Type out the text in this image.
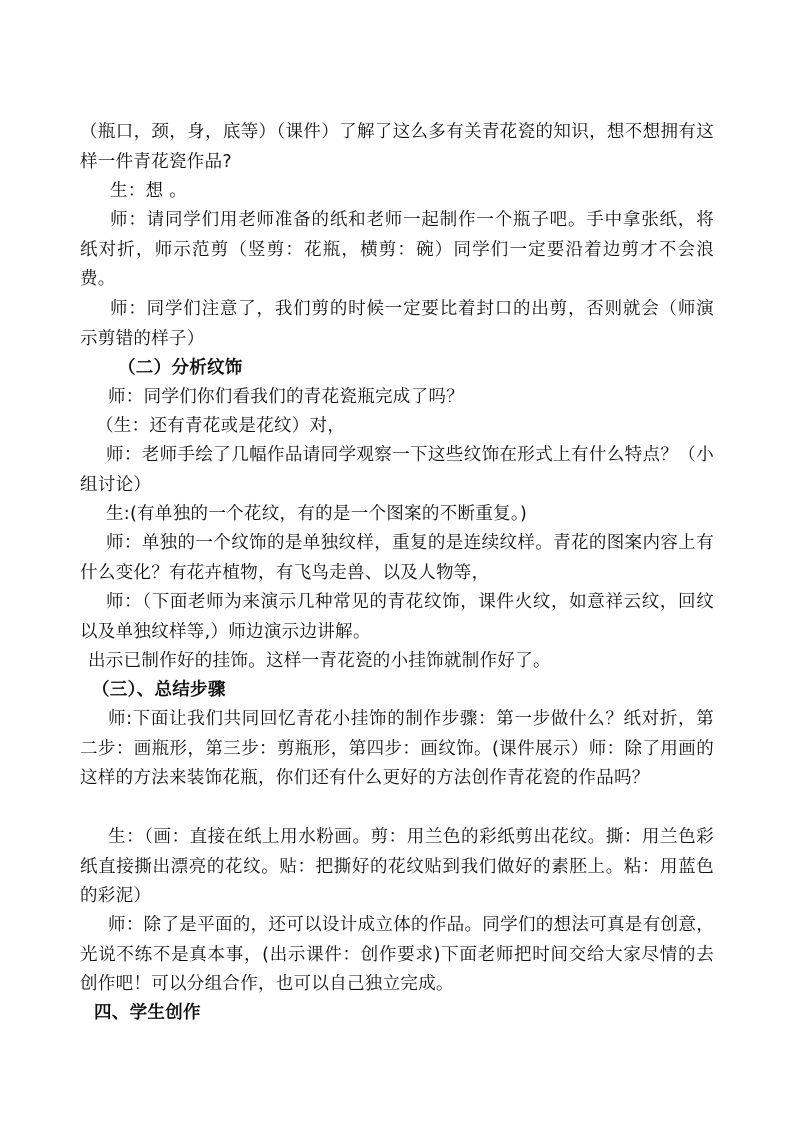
（瓶口，颈，身，底等）（课件）了解了这么多有关青花瓷的知识，想不想拥有这样一件青花瓷作品?

生：想 。

师：请同学们用老师准备的纸和老师一起制作一个瓶子吧。手中拿张纸，将纸对折，师示范剪（竖剪：花瓶，横剪：碗）同学们一定要沿着边剪才不会浪费。

师：同学们注意了，我们剪的时候一定要比着封口的出剪，否则就会（师演示剪错的样子）

（二）分析纹饰

师：同学们你们看我们的青花瓷瓶完成了吗？

（生：还有青花或是花纹）对，

师：老师手绘了几幅作品请同学观察一下这些纹饰在形式上有什么特点？（小组讨论）

生:(有单独的一个花纹，有的是一个图案的不断重复。)

师：单独的一个纹饰的是单独纹样，重复的是连续纹样。青花的图案内容上有什么变化？有花卉植物，有飞鸟走兽、以及人物等，

师：（下面老师为来演示几种常见的青花纹饰，课件火纹，如意祥云纹，回纹以及单独纹样等,）师边演示边讲解。

出示已制作好的挂饰。这样一青花瓷的小挂饰就制作好了。

（三）、总结步骤

师:下面让我们共同回忆青花小挂饰的制作步骤：第一步做什么？纸对折，第二步：画瓶形，第三步：剪瓶形，第四步：画纹饰。(课件展示）师：除了用画的这样的方法来装饰花瓶，你们还有什么更好的方法创作青花瓷的作品吗？

生：（画：直接在纸上用水粉画。剪：用兰色的彩纸剪出花纹。撕：用兰色彩纸直接撕出漂亮的花纹。贴：把撕好的花纹贴到我们做好的素胚上。粘：用蓝色的彩泥）

师：除了是平面的，还可以设计成立体的作品。同学们的想法可真是有创意，光说不练不是真本事，(出示课件：创作要求)下面老师把时间交给大家尽情的去创作吧！可以分组合作，也可以自己独立完成。

四、学生创作
